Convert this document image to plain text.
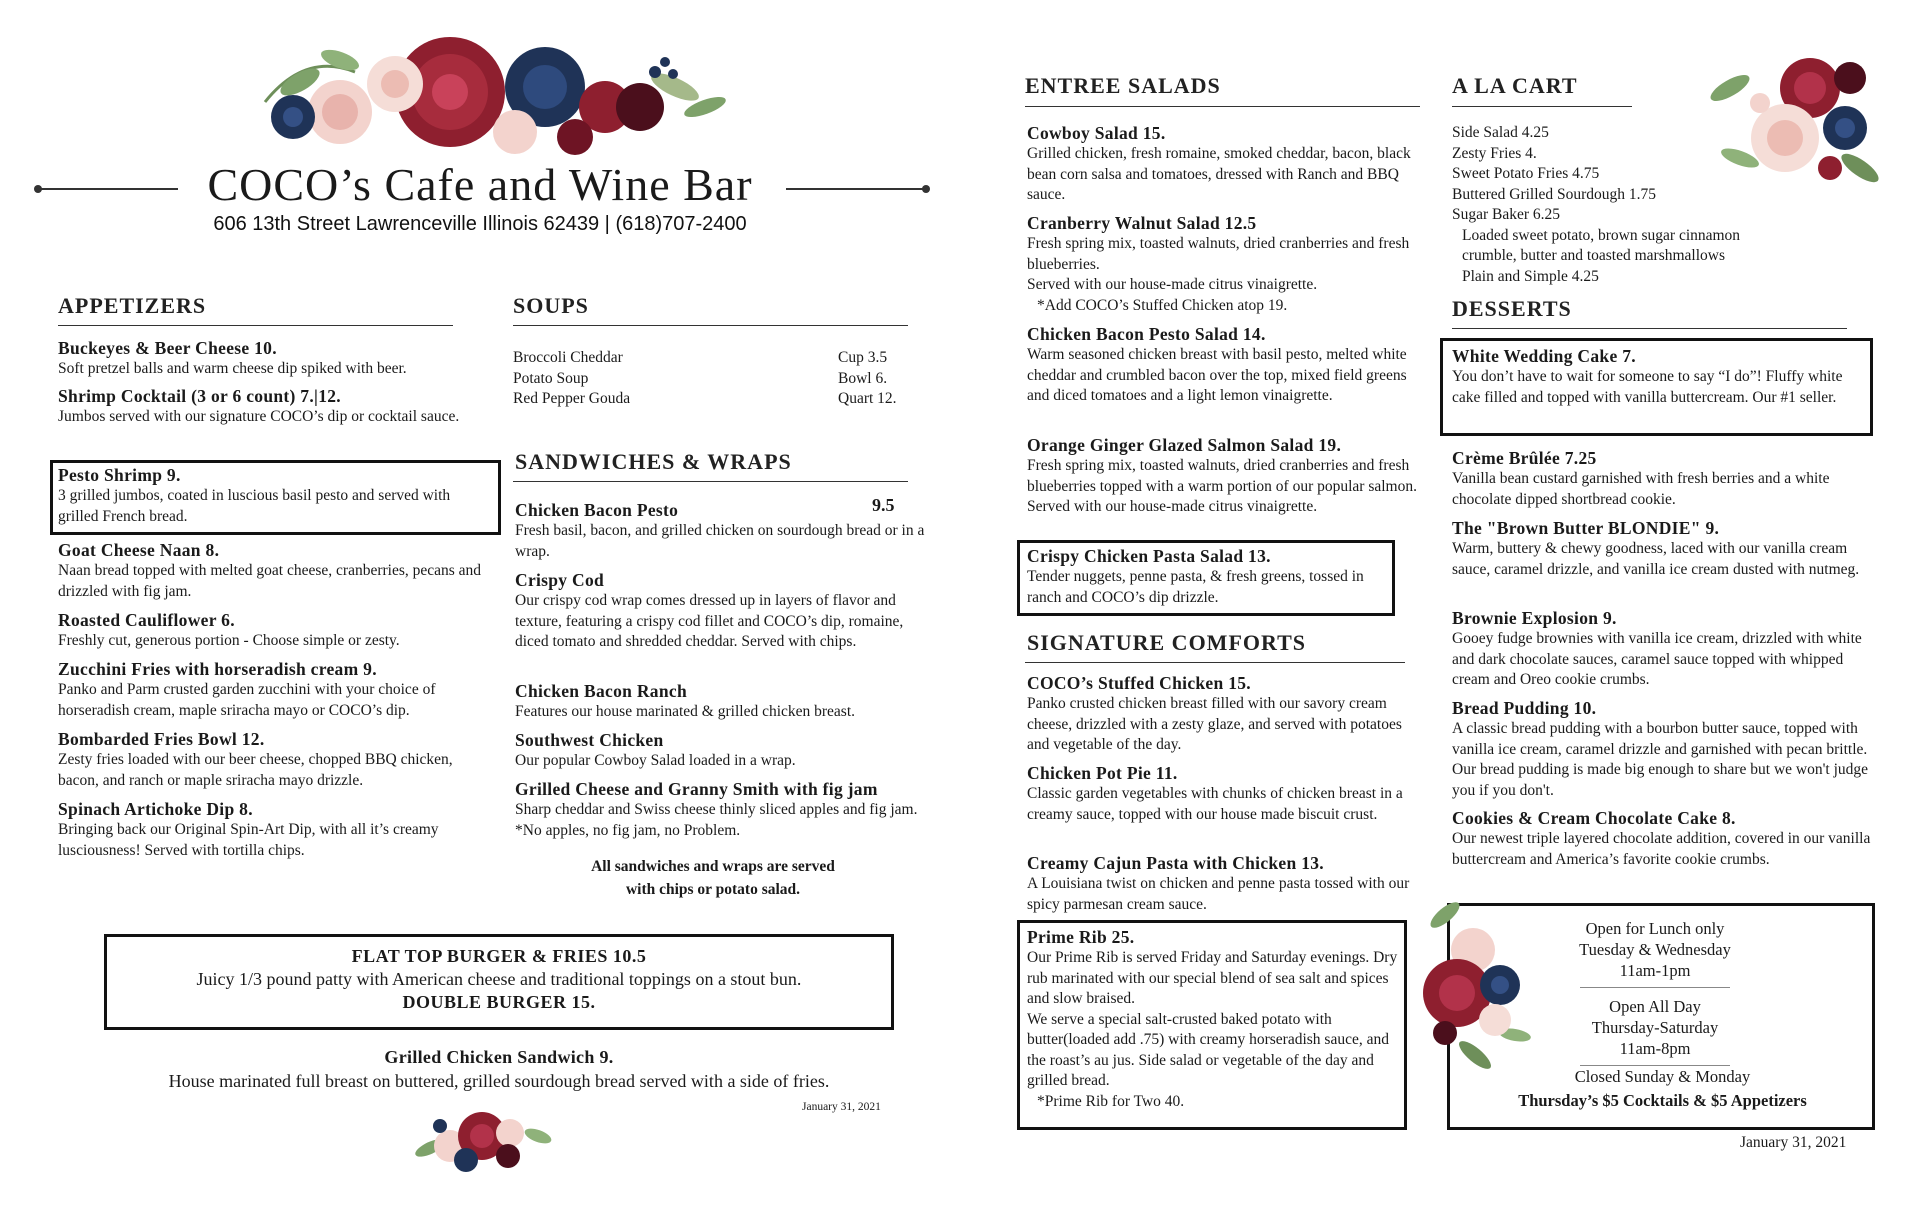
COCO’s Cafe and Wine Bar
606 13th Street Lawrenceville Illinois 62439 | (618)707-2400
APPETIZERS
Buckeyes & Beer Cheese 10.
Soft pretzel balls and warm cheese dip spiked with beer.
Shrimp Cocktail (3 or 6 count) 7.|12.
Jumbos served with our signature COCO’s dip or cocktail sauce.
Pesto Shrimp 9.
3 grilled jumbos, coated in luscious basil pesto and served with grilled French bread.
Goat Cheese Naan 8.
Naan bread topped with melted goat cheese, cranberries, pecans and drizzled with fig jam.
Roasted Cauliflower 6.
Freshly cut, generous portion - Choose simple or zesty.
Zucchini Fries with horseradish cream 9.
Panko and Parm crusted garden zucchini with your choice of horseradish cream, maple sriracha mayo or COCO’s dip.
Bombarded Fries Bowl 12.
Zesty fries loaded with our beer cheese, chopped BBQ chicken, bacon, and ranch or maple sriracha mayo drizzle.
Spinach Artichoke Dip 8.
Bringing back our Original Spin-Art Dip, with all it’s creamy lusciousness! Served with tortilla chips.
SOUPS
Broccoli Cheddar
Potato Soup
Red Pepper Gouda
Cup 3.5
Bowl 6.
Quart 12.
SANDWICHES & WRAPS
9.5
Chicken Bacon Pesto
Fresh basil, bacon, and grilled chicken on sourdough bread or in a wrap.
Crispy Cod
Our crispy cod wrap comes dressed up in layers of flavor and texture, featuring a crispy cod fillet and COCO’s dip, romaine, diced tomato and shredded cheddar. Served with chips.
Chicken Bacon Ranch
Features our house marinated & grilled chicken breast.
Southwest Chicken
Our popular Cowboy Salad loaded in a wrap.
Grilled Cheese and Granny Smith with fig jam
Sharp cheddar and Swiss cheese thinly sliced apples and fig jam. *No apples, no fig jam, no Problem.
All sandwiches and wraps are served
with chips or potato salad.
FLAT TOP BURGER & FRIES 10.5
Juicy 1/3 pound patty with American cheese and traditional toppings on a stout bun.
DOUBLE BURGER 15.
Grilled Chicken Sandwich 9.
House marinated full breast on buttered, grilled sourdough bread served with a side of fries.
January 31, 2021
ENTREE SALADS
Cowboy Salad 15.
Grilled chicken, fresh romaine, smoked cheddar, bacon, black bean corn salsa and tomatoes, dressed with Ranch and BBQ sauce.
Cranberry Walnut Salad 12.5
Fresh spring mix, toasted walnuts, dried cranberries and fresh blueberries.
Served with our house-made citrus vinaigrette.
*Add COCO’s Stuffed Chicken atop 19.
Chicken Bacon Pesto Salad 14.
Warm seasoned chicken breast with basil pesto, melted white cheddar and crumbled bacon over the top, mixed field greens and diced tomatoes and a light lemon vinaigrette.
Orange Ginger Glazed Salmon Salad 19.
Fresh spring mix, toasted walnuts, dried cranberries and fresh blueberries topped with a warm portion of our popular salmon. Served with our house-made citrus vinaigrette.
Crispy Chicken Pasta Salad 13.
Tender nuggets, penne pasta, & fresh greens, tossed in ranch and COCO’s dip drizzle.
SIGNATURE COMFORTS
COCO’s Stuffed Chicken 15.
Panko crusted chicken breast filled with our savory cream cheese, drizzled with a zesty glaze, and served with potatoes and vegetable of the day.
Chicken Pot Pie 11.
Classic garden vegetables with chunks of chicken breast in a creamy sauce, topped with our house made biscuit crust.
Creamy Cajun Pasta with Chicken 13.
A Louisiana twist on chicken and penne pasta tossed with our spicy parmesan cream sauce.
Prime Rib 25.
Our Prime Rib is served Friday and Saturday evenings. Dry rub marinated with our special blend of sea salt and spices and slow braised.
We serve a special salt-crusted baked potato with butter(loaded add .75) with creamy horseradish sauce, and the roast’s au jus. Side salad or vegetable of the day and grilled bread.
*Prime Rib for Two 40.
A LA CART
Side Salad 4.25
Zesty Fries 4.
Sweet Potato Fries 4.75
Buttered Grilled Sourdough 1.75
Sugar Baker 6.25
Loaded sweet potato, brown sugar cinnamon
crumble, butter and toasted marshmallows
Plain and Simple 4.25
DESSERTS
White Wedding Cake 7.
You don’t have to wait for someone to say “I do”! Fluffy white cake filled and topped with vanilla buttercream. Our #1 seller.
Crème Brûlée 7.25
Vanilla bean custard garnished with fresh berries and a white chocolate dipped shortbread cookie.
The "Brown Butter BLONDIE" 9.
Warm, buttery & chewy goodness, laced with our vanilla cream sauce, caramel drizzle, and vanilla ice cream dusted with nutmeg.
Brownie Explosion 9.
Gooey fudge brownies with vanilla ice cream, drizzled with white and dark chocolate sauces, caramel sauce topped with whipped cream and Oreo cookie crumbs.
Bread Pudding 10.
A classic bread pudding with a bourbon butter sauce, topped with vanilla ice cream, caramel drizzle and garnished with pecan brittle. Our bread pudding is made big enough to share but we won't judge you if you don't.
Cookies & Cream Chocolate Cake 8.
Our newest triple layered chocolate addition, covered in our vanilla buttercream and America’s favorite cookie crumbs.
Open for Lunch only
Tuesday & Wednesday
11am-1pm
Open All Day
Thursday-Saturday
11am-8pm
Closed Sunday & Monday
Thursday’s $5 Cocktails & $5 Appetizers
January 31, 2021
